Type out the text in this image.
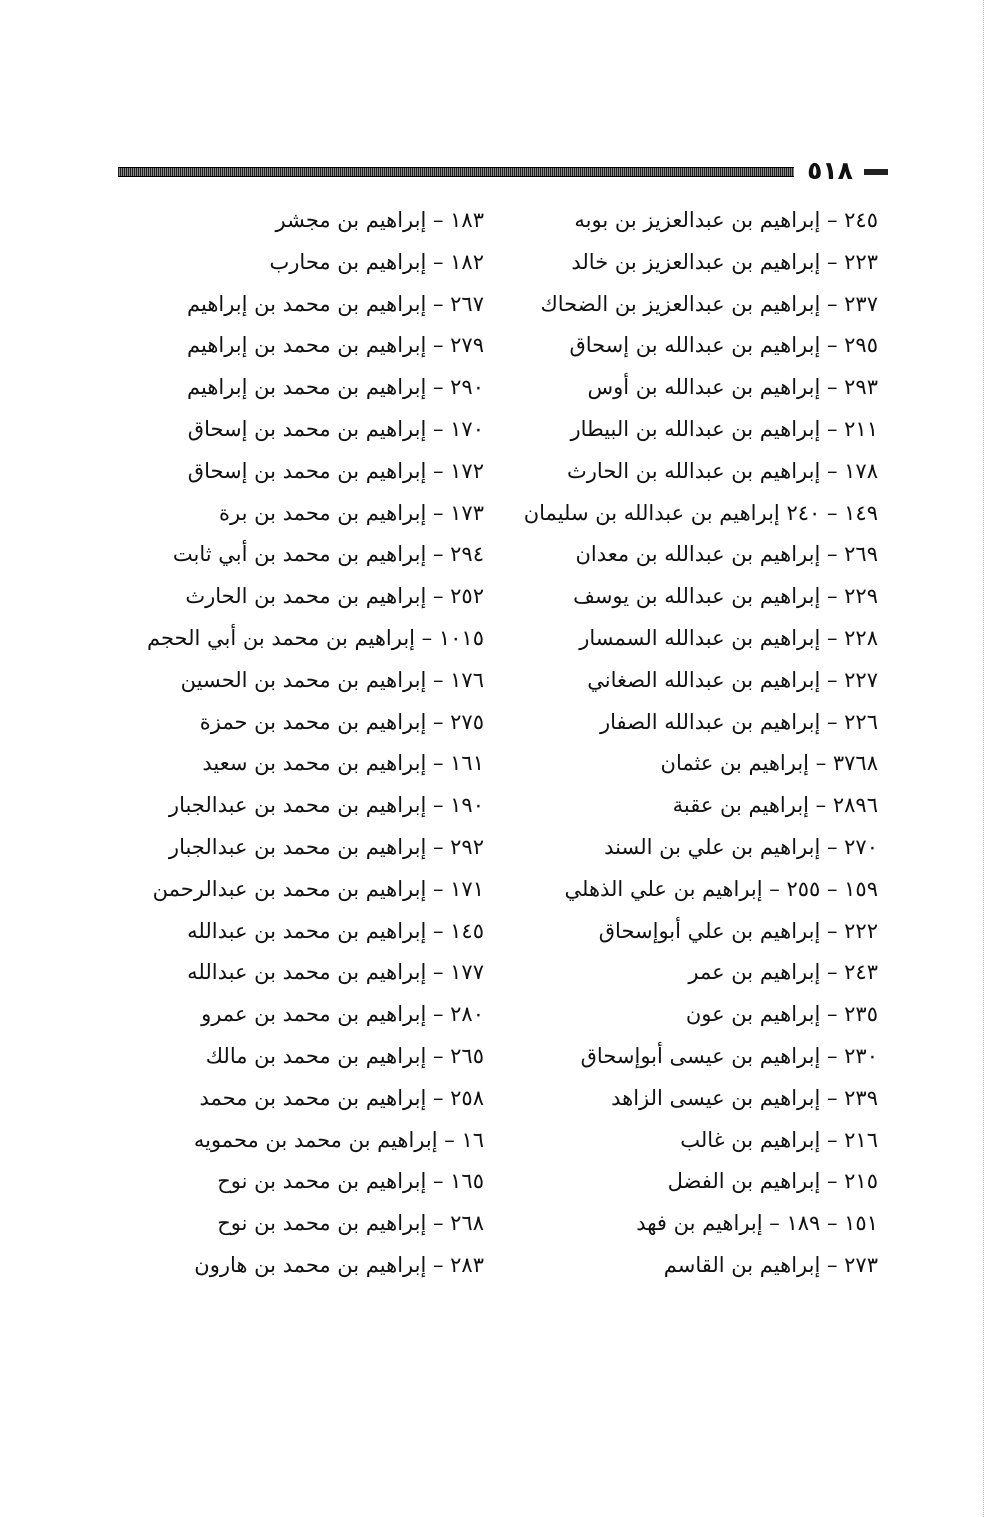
٥١٨
٢٤٥ – إبراهيم بن عبدالعزيز بن بوبه
٢٢٣ – إبراهيم بن عبدالعزيز بن خالد
٢٣٧ – إبراهيم بن عبدالعزيز بن الضحاك
٢٩٥ – إبراهيم بن عبدالله بن إسحاق
٢٩٣ – إبراهيم بن عبدالله بن أوس
٢١١ – إبراهيم بن عبدالله بن البيطار
١٧٨ – إبراهيم بن عبدالله بن الحارث
١٤٩ – ٢٤٠ إبراهيم بن عبدالله بن سليمان
٢٦٩ – إبراهيم بن عبدالله بن معدان
٢٢٩ – إبراهيم بن عبدالله بن يوسف
٢٢٨ – إبراهيم بن عبدالله السمسار
٢٢٧ – إبراهيم بن عبدالله الصغاني
٢٢٦ – إبراهيم بن عبدالله الصفار
٣٧٦٨ – إبراهيم بن عثمان
٢٨٩٦ – إبراهيم بن عقبة
٢٧٠ – إبراهيم بن علي بن السند
١٥٩ – ٢٥٥ – إبراهيم بن علي الذهلي
٢٢٢ – إبراهيم بن علي أبوإسحاق
٢٤٣ – إبراهيم بن عمر
٢٣٥ – إبراهيم بن عون
٢٣٠ – إبراهيم بن عيسى أبوإسحاق
٢٣٩ – إبراهيم بن عيسى الزاهد
٢١٦ – إبراهيم بن غالب
٢١٥ – إبراهيم بن الفضل
١٥١ – ١٨٩ – إبراهيم بن فهد
٢٧٣ – إبراهيم بن القاسم
١٨٣ – إبراهيم بن مجشر
١٨٢ – إبراهيم بن محارب
٢٦٧ – إبراهيم بن محمد بن إبراهيم
٢٧٩ – إبراهيم بن محمد بن إبراهيم
٢٩٠ – إبراهيم بن محمد بن إبراهيم
١٧٠ – إبراهيم بن محمد بن إسحاق
١٧٢ – إبراهيم بن محمد بن إسحاق
١٧٣ – إبراهيم بن محمد بن برة
٢٩٤ – إبراهيم بن محمد بن أبي ثابت
٢٥٢ – إبراهيم بن محمد بن الحارث
١٠١٥ – إبراهيم بن محمد بن أبي الحجم
١٧٦ – إبراهيم بن محمد بن الحسين
٢٧٥ – إبراهيم بن محمد بن حمزة
١٦١ – إبراهيم بن محمد بن سعيد
١٩٠ – إبراهيم بن محمد بن عبدالجبار
٢٩٢ – إبراهيم بن محمد بن عبدالجبار
١٧١ – إبراهيم بن محمد بن عبدالرحمن
١٤٥ – إبراهيم بن محمد بن عبدالله
١٧٧ – إبراهيم بن محمد بن عبدالله
٢٨٠ – إبراهيم بن محمد بن عمرو
٢٦٥ – إبراهيم بن محمد بن مالك
٢٥٨ – إبراهيم بن محمد بن محمد
١٦ – إبراهيم بن محمد بن محمويه
١٦٥ – إبراهيم بن محمد بن نوح
٢٦٨ – إبراهيم بن محمد بن نوح
٢٨٣ – إبراهيم بن محمد بن هارون
